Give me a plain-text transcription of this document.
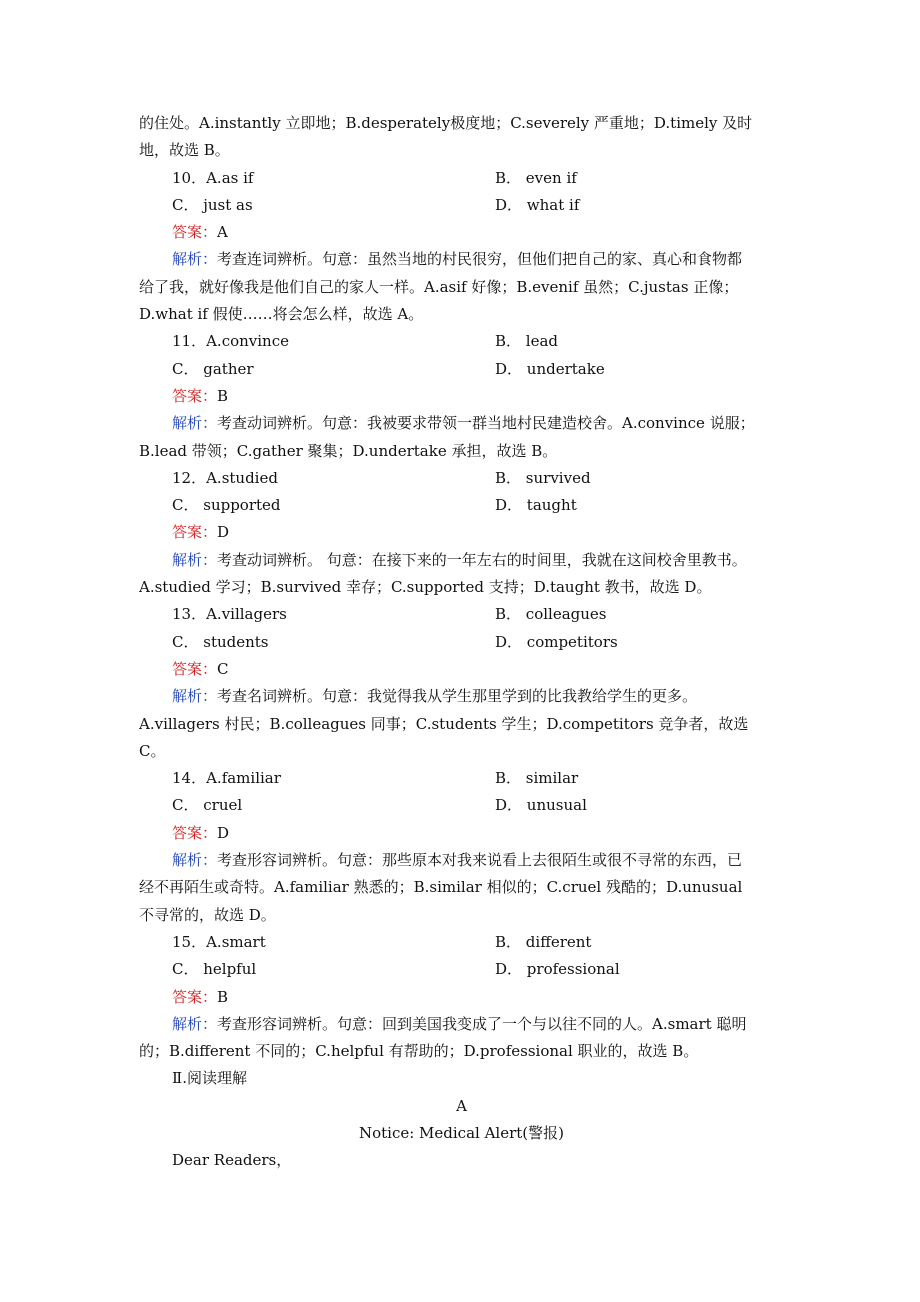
的住处。A.instantly 立即地；B.desperately极度地；C.severely 严重地；D.timely 及时
地，故选 B。
10．A.as if	B． even if
C． just as	D． what if
答案：A
解析：考查连词辨析。句意：虽然当地的村民很穷，但他们把自己的家、真心和食物都
给了我，就好像我是他们自己的家人一样。A.asif 好像；B.evenif 虽然；C.justas 正像；
D.what if 假使……将会怎么样，故选 A。
11．A.convince	B． lead
C． gather	D． undertake
答案：B
解析：考查动词辨析。句意：我被要求带领一群当地村民建造校舍。A.convince 说服；
B.lead 带领；C.gather 聚集；D.undertake 承担，故选 B。
12．A.studied	B． survived
C． supported	D． taught
答案：D
解析：考查动词辨析。 句意：在接下来的一年左右的时间里，我就在这间校舍里教书。
A.studied 学习；B.survived 幸存；C.supported 支持；D.taught 教书，故选 D。
13．A.villagers	B． colleagues
C． students	D． competitors
答案：C
解析：考查名词辨析。句意：我觉得我从学生那里学到的比我教给学生的更多。
A.villagers 村民；B.colleagues 同事；C.students 学生；D.competitors 竞争者，故选
C。
14．A.familiar	B． similar
C． cruel	D． unusual
答案：D
解析：考查形容词辨析。句意：那些原本对我来说看上去很陌生或很不寻常的东西，已
经不再陌生或奇特。A.familiar 熟悉的；B.similar 相似的；C.cruel 残酷的；D.unusual
不寻常的，故选 D。
15．A.smart	B． different
C． helpful	D． professional
答案：B
解析：考查形容词辨析。句意：回到美国我变成了一个与以往不同的人。A.smart 聪明
的；B.different 不同的；C.helpful 有帮助的；D.professional 职业的，故选 B。
Ⅱ.阅读理解
A
Notice: Medical Alert(警报)
Dear Readers，
